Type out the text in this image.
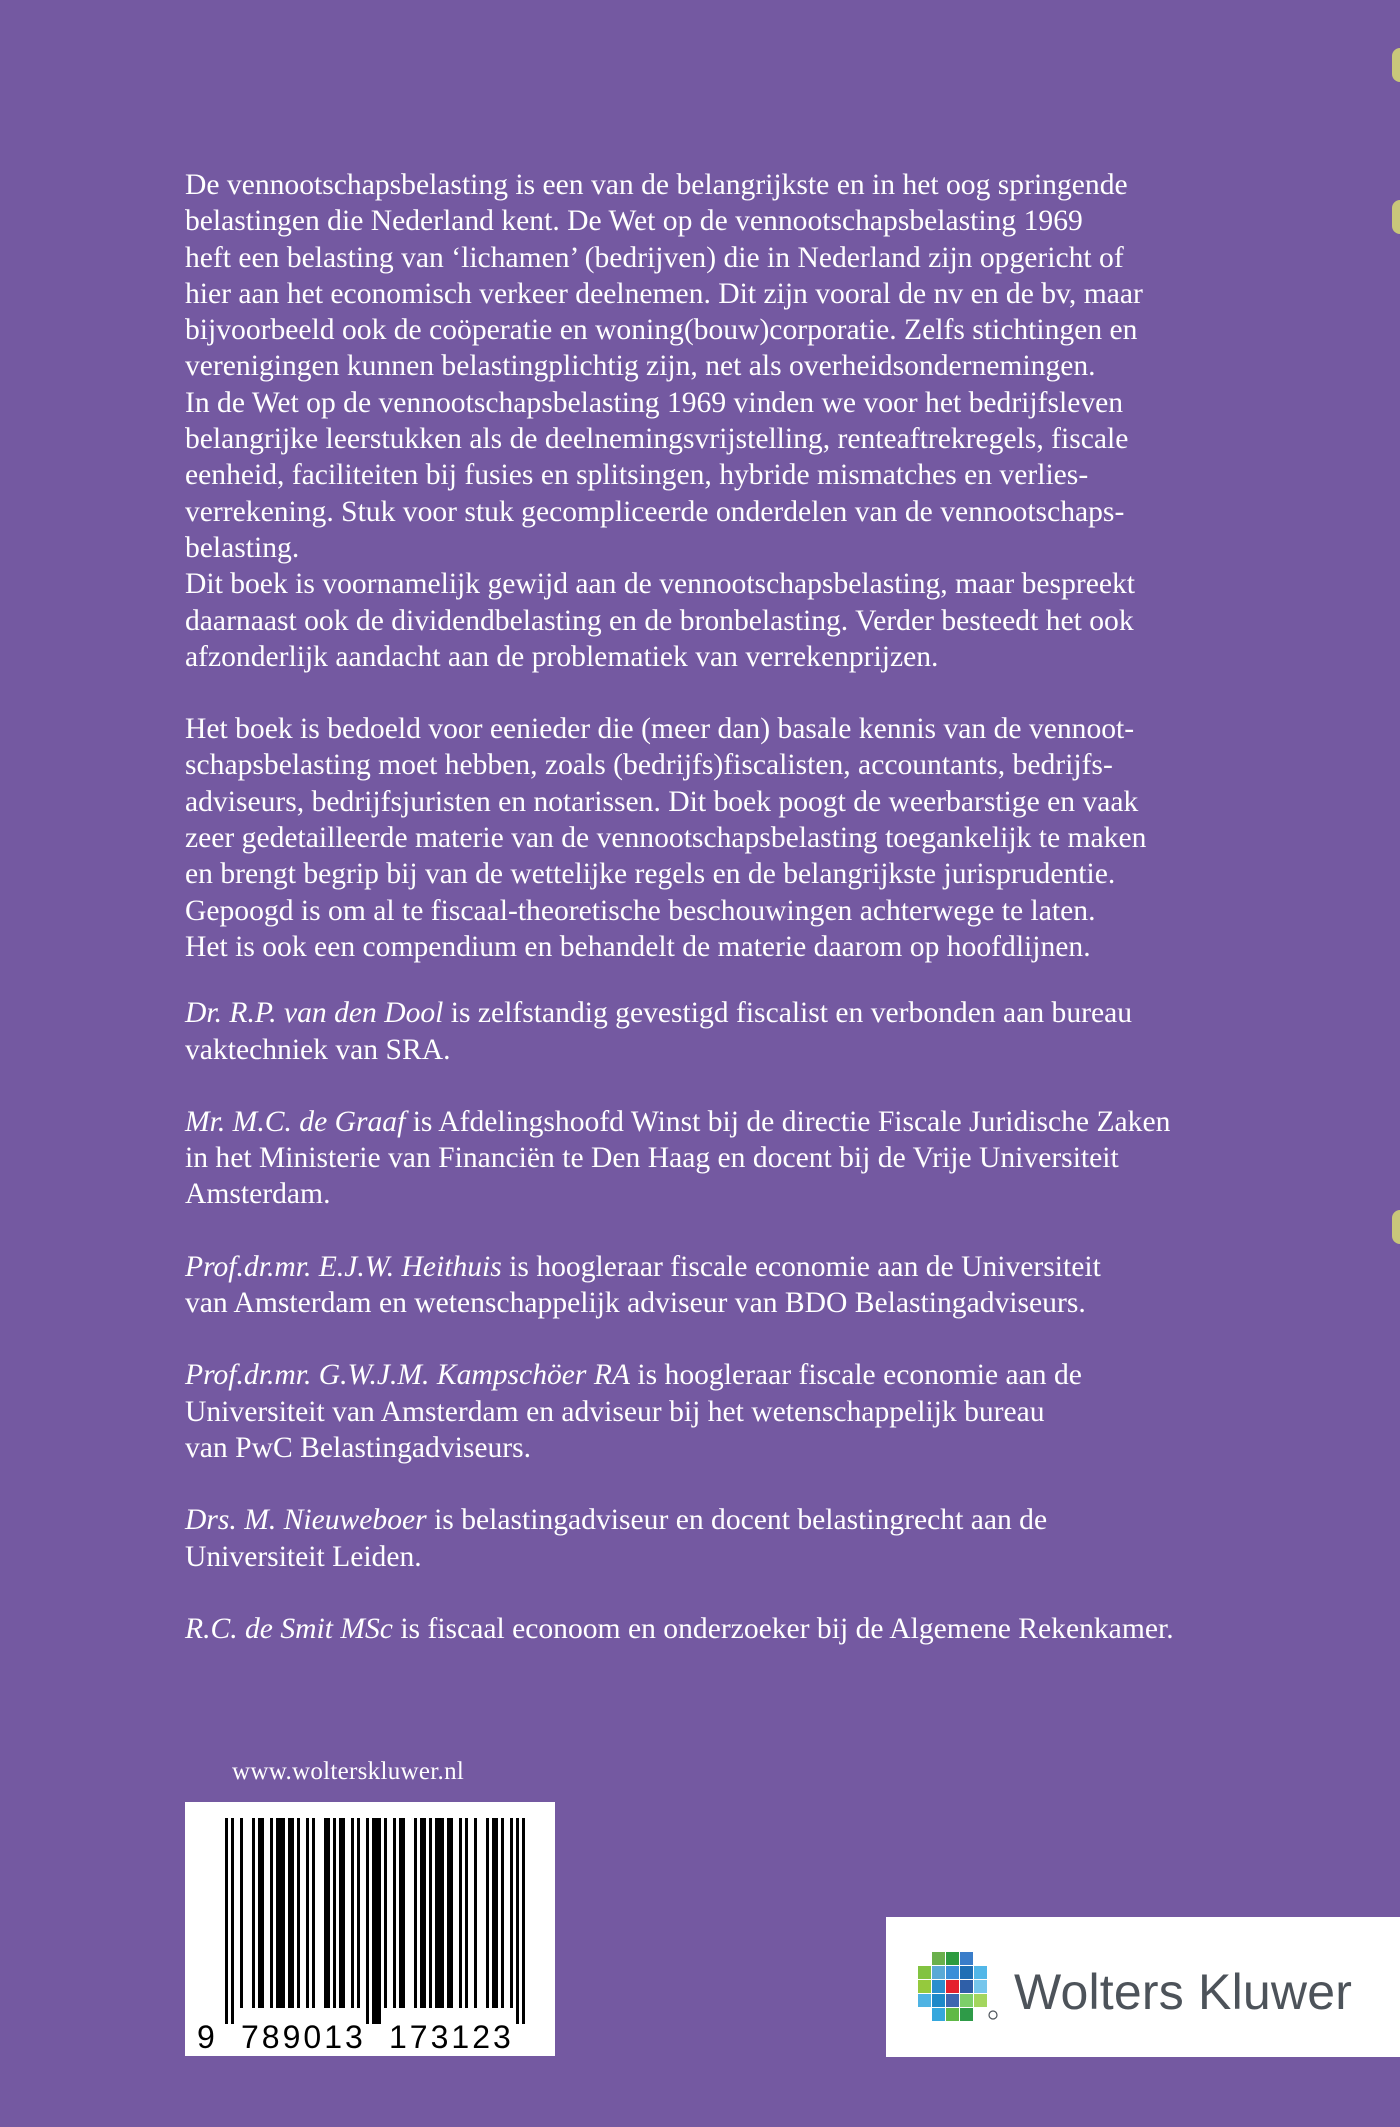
De vennootschapsbelasting is een van de belangrijkste en in het oog springende
belastingen die Nederland kent. De Wet op de vennootschapsbelasting 1969
heft een belasting van ‘lichamen’ (bedrijven) die in Nederland zijn opgericht of
hier aan het economisch verkeer deelnemen. Dit zijn vooral de nv en de bv, maar
bijvoorbeeld ook de coöperatie en woning(bouw)corporatie. Zelfs stichtingen en
verenigingen kunnen belastingplichtig zijn, net als overheidsondernemingen.
In de Wet op de vennootschapsbelasting 1969 vinden we voor het bedrijfsleven
belangrijke leerstukken als de deelnemingsvrijstelling, renteaftrekregels, fiscale
eenheid, faciliteiten bij fusies en splitsingen, hybride mismatches en verlies-
verrekening. Stuk voor stuk gecompliceerde onderdelen van de vennootschaps-
belasting.
Dit boek is voornamelijk gewijd aan de vennootschapsbelasting, maar bespreekt
daarnaast ook de dividendbelasting en de bronbelasting. Verder besteedt het ook
afzonderlijk aandacht aan de problematiek van verrekenprijzen.
Het boek is bedoeld voor eenieder die (meer dan) basale kennis van de vennoot-
schapsbelasting moet hebben, zoals (bedrijfs)fiscalisten, accountants, bedrijfs-
adviseurs, bedrijfsjuristen en notarissen. Dit boek poogt de weerbarstige en vaak
zeer gedetailleerde materie van de vennootschapsbelasting toegankelijk te maken
en brengt begrip bij van de wettelijke regels en de belangrijkste jurisprudentie.
Gepoogd is om al te fiscaal-theoretische beschouwingen achterwege te laten.
Het is ook een compendium en behandelt de materie daarom op hoofdlijnen.
Dr. R.P. van den Dool is zelfstandig gevestigd fiscalist en verbonden aan bureau
vaktechniek van SRA.
Mr. M.C. de Graaf is Afdelingshoofd Winst bij de directie Fiscale Juridische Zaken
in het Ministerie van Financiën te Den Haag en docent bij de Vrije Universiteit
Amsterdam.
Prof.dr.mr. E.J.W. Heithuis is hoogleraar fiscale economie aan de Universiteit
van Amsterdam en wetenschappelijk adviseur van BDO Belastingadviseurs.
Prof.dr.mr. G.W.J.M. Kampschöer RA is hoogleraar fiscale economie aan de
Universiteit van Amsterdam en adviseur bij het wetenschappelijk bureau
van PwC Belastingadviseurs.
Drs. M. Nieuweboer is belastingadviseur en docent belastingrecht aan de
Universiteit Leiden.
R.C. de Smit MSc is fiscaal econoom en onderzoeker bij de Algemene Rekenkamer.
www.wolterskluwer.nl
9 789013 173123
Wolters Kluwer
